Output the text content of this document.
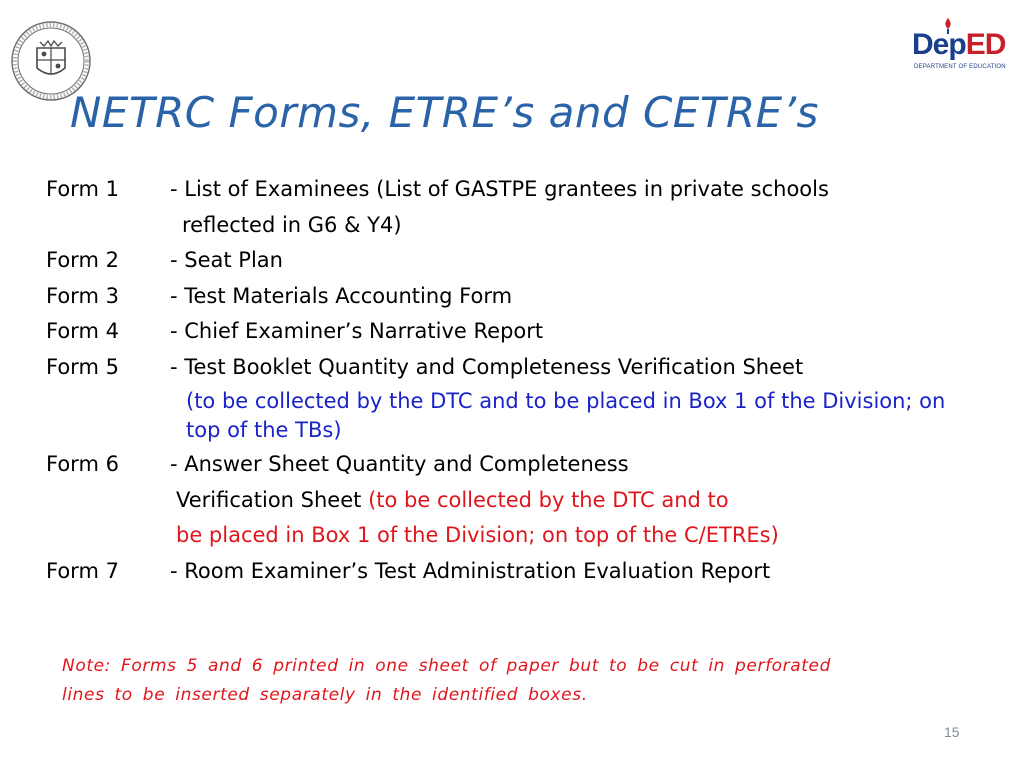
DepED
DEPARTMENT OF EDUCATION
NETRC Forms, ETRE’s and CETRE’s
Form 1 - List of Examinees (List of GASTPE grantees in private schools
reflected in G6 & Y4)
Form 2 - Seat Plan
Form 3 - Test Materials Accounting Form
Form 4 - Chief Examiner’s Narrative Report
Form 5 - Test Booklet Quantity and Completeness Verification Sheet
(to be collected by the DTC and to be placed in Box 1 of the Division; on top of the TBs)
Form 6 - Answer Sheet Quantity and Completeness
Verification Sheet (to be collected by the DTC and to
be placed in Box 1 of the Division; on top of the C/ETREs)
Form 7 - Room Examiner’s Test Administration Evaluation Report
Note: Forms 5 and 6 printed in one sheet of paper but to be cut in perforated lines to be inserted separately in the identified boxes.
15
